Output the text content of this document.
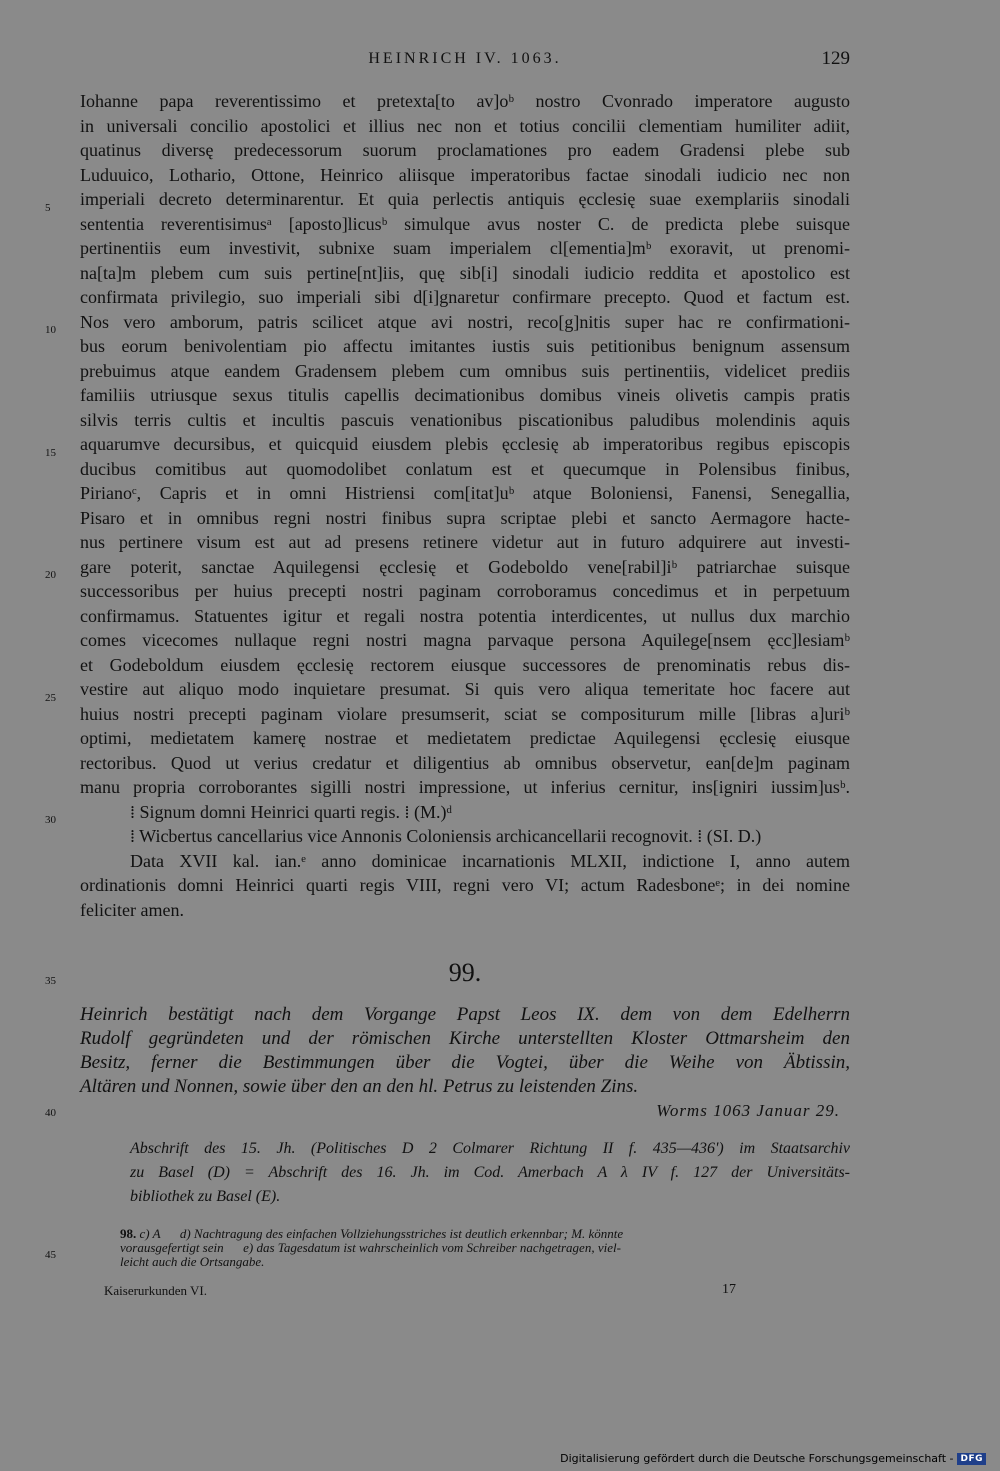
HEINRICH IV. 1063.	129
5
10
15
20
25
30
Iohanne papa reverentissimo et pretexta[to av]oᵇ nostro Cvonrado imperatore augusto
in universali concilio apostolici et illius nec non et totius concilii clementiam humiliter adiit,
quatinus diversę predecessorum suorum proclamationes pro eadem Gradensi plebe sub
Luduuico, Lothario, Ottone, Heinrico aliisque imperatoribus factae sinodali iudicio nec non
imperiali decreto determinarentur. Et quia perlectis antiquis ęcclesię suae exemplariis sinodali
sententia reverentisimusᵃ [aposto]licusᵇ simulque avus noster C. de predicta plebe suisque
pertinentiis eum investivit, subnixe suam imperialem cl[ementia]mᵇ exoravit, ut prenomi-
na[ta]m plebem cum suis pertine[nt]iis, quę sib[i] sinodali iudicio reddita et apostolico est
confirmata privilegio, suo imperiali sibi d[i]gnaretur confirmare precepto. Quod et factum est.
Nos vero amborum, patris scilicet atque avi nostri, reco[g]nitis super hac re confirmationi-
bus eorum benivolentiam pio affectu imitantes iustis suis petitionibus benignum assensum
prebuimus atque eandem Gradensem plebem cum omnibus suis pertinentiis, videlicet prediis
familiis utriusque sexus titulis capellis decimationibus domibus vineis olivetis campis pratis
silvis terris cultis et incultis pascuis venationibus piscationibus paludibus molendinis aquis
aquarumve decursibus, et quicquid eiusdem plebis ęcclesię ab imperatoribus regibus episcopis
ducibus comitibus aut quomodolibet conlatum est et quecumque in Polensibus finibus,
Pirianoᶜ, Capris et in omni Histriensi com[itat]uᵇ atque Boloniensi, Fanensi, Senegallia,
Pisaro et in omnibus regni nostri finibus supra scriptae plebi et sancto Aermagore hacte-
nus pertinere visum est aut ad presens retinere videtur aut in futuro adquirere aut investi-
gare poterit, sanctae Aquilegensi ęcclesię et Godeboldo vene[rabil]iᵇ patriarchae suisque
successoribus per huius precepti nostri paginam corroboramus concedimus et in perpetuum
confirmamus. Statuentes igitur et regali nostra potentia interdicentes, ut nullus dux marchio
comes vicecomes nullaque regni nostri magna parvaque persona Aquilege[nsem ęcc]lesiamᵇ
et Godeboldum eiusdem ęcclesię rectorem eiusque successores de prenominatis rebus dis-
vestire aut aliquo modo inquietare presumat. Si quis vero aliqua temeritate hoc facere aut
huius nostri precepti paginam violare presumserit, sciat se compositurum mille [libras a]uriᵇ
optimi, medietatem kamerę nostrae et medietatem predictae Aquilegensi ęcclesię eiusque
rectoribus. Quod ut verius credatur et diligentius ab omnibus observetur, ean[de]m paginam
manu propria corroborantes sigilli nostri impressione, ut inferius cernitur, ins[igniri iussim]usᵇ.
⁞ Signum domni Heinrici quarti regis. ⁞ (M.)ᵈ
⁞ Wicbertus cancellarius vice Annonis Coloniensis archicancellarii recognovit. ⁞ (SI. D.)
Data XVII kal. ian.ᵉ anno dominicae incarnationis MLXII, indictione I, anno autem
ordinationis domni Heinrici quarti regis VIII, regni vero VI; actum Radesboneᵉ; in dei nomine
feliciter amen.
35
40
45
99.
Heinrich bestätigt nach dem Vorgange Papst Leos IX. dem von dem Edelherrn
Rudolf gegründeten und der römischen Kirche unterstellten Kloster Ottmarsheim den
Besitz, ferner die Bestimmungen über die Vogtei, über die Weihe von Äbtissin,
Altären und Nonnen, sowie über den an den hl. Petrus zu leistenden Zins.
Worms 1063 Januar 29.
Abschrift des 15. Jh. (Politisches D 2 Colmarer Richtung II f. 435—436') im Staatsarchiv
zu Basel (D) = Abschrift des 16. Jh. im Cod. Amerbach A λ IV f. 127 der Universitäts-
bibliothek zu Basel (E).
98. c) A      d) Nachtragung des einfachen Vollziehungsstriches ist deutlich erkennbar; M. könnte
vorausgefertigt sein      e) das Tagesdatum ist wahrscheinlich vom Schreiber nachgetragen, viel-
leicht auch die Ortsangabe.
Kaiserurkunden VI.	17
Digitalisierung gefördert durch die Deutsche Forschungsgemeinschaft - DFG
